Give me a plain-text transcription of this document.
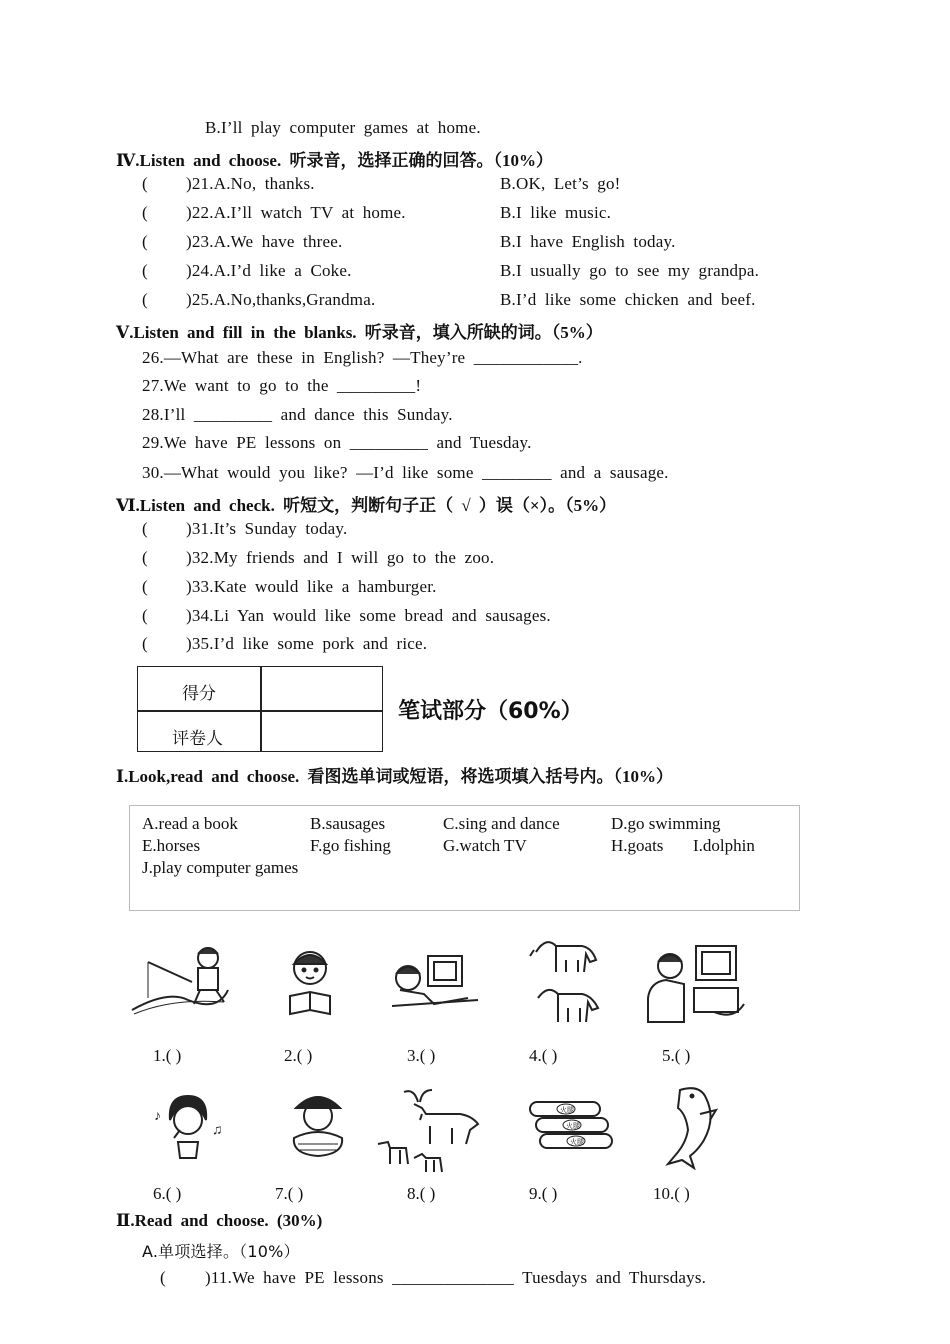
B.I’ll play computer games at home.
Ⅳ.Listen and choose. 听录音，选择正确的回答。（10%）
( )21.A.No, thanks.	B.OK, Let’s go!
( )22.A.I’ll watch TV at home.	B.I like music.
( )23.A.We have three.	B.I have English today.
( )24.A.I’d like a Coke.	B.I usually go to see my grandpa.
( )25.A.No,thanks,Grandma.	B.I’d like some chicken and beef.
Ⅴ.Listen and fill in the blanks. 听录音，填入所缺的词。（5%）
26.—What are these in English? —They’re ____________.
27.We want to go to the _________!
28.I’ll _________ and dance this Sunday.
29.We have PE lessons on _________ and Tuesday.
30.—What would you like? —I’d like some ________ and a sausage.
Ⅵ.Listen and check. 听短文，判断句子正（ √ ）误（×）。（5%）
( )31.It’s Sunday today.
( )32.My friends and I will go to the zoo.
( )33.Kate would like a hamburger.
( )34.Li Yan would like some bread and sausages.
( )35.I’d like some pork and rice.
得分
评卷人
笔试部分（60%）
Ⅰ.Look,read and choose. 看图选单词或短语，将选项填入括号内。（10%）
A.read a book	B.sausages	C.sing and dance	D.go swimming
E.horses	F.go fishing	G.watch TV	H.goats I.dolphin
J.play computer games
1.( )	2.( )	3.( )	4.( )	5.( )
♪
♫
火腿
火腿
火腿
6.( )	7.( )	8.( )	9.( )	10.( )
Ⅱ.Read and choose. (30%)
A.单项选择。（10%）
( )11.We have PE lessons ______________ Tuesdays and Thursdays.
